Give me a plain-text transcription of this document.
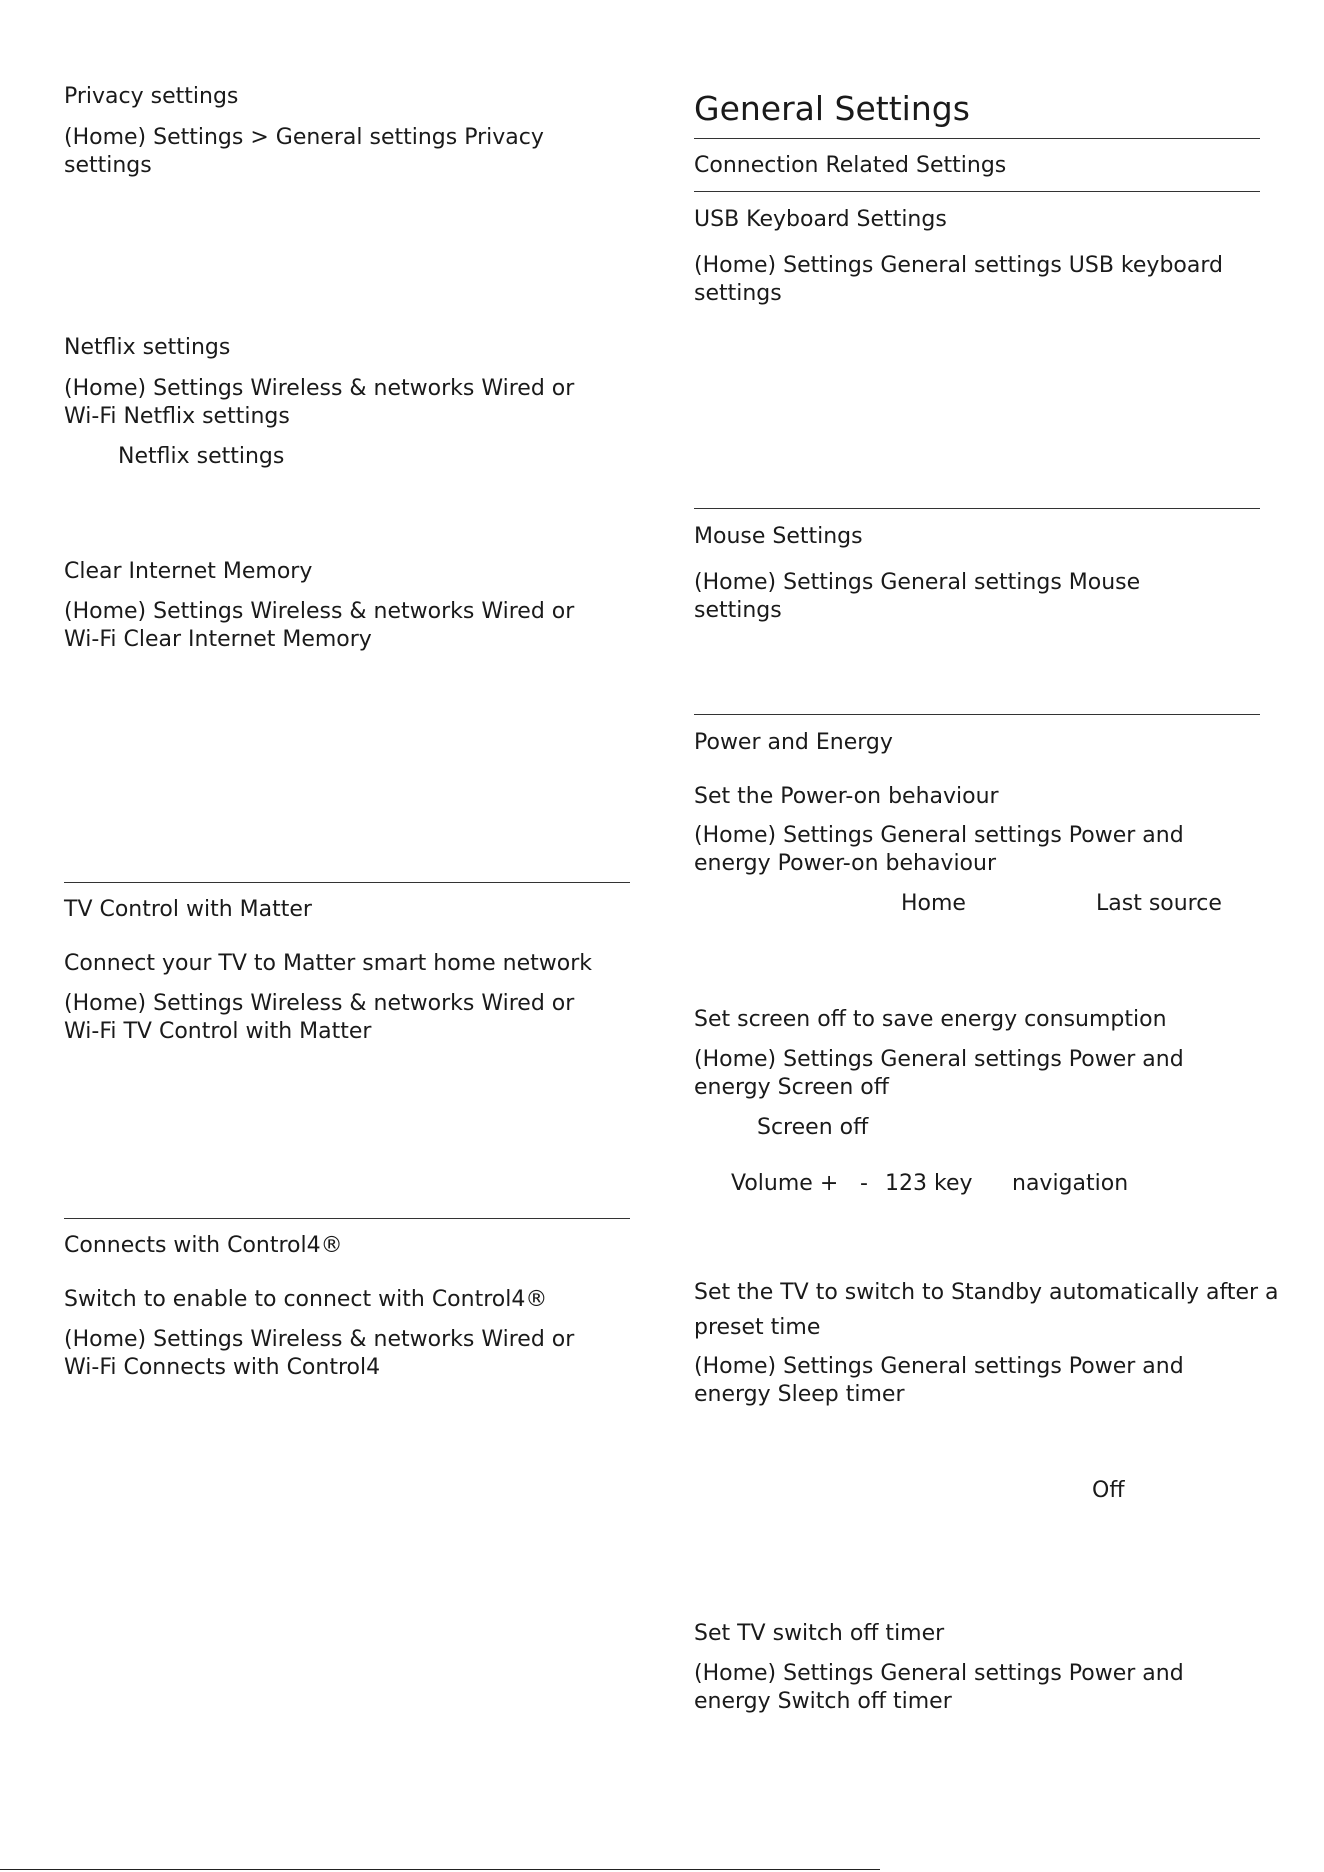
Privacy settings
(Home) Settings > General settings Privacy
settings
Netflix settings
(Home) Settings Wireless & networks Wired or
Wi-Fi Netflix settings
Netflix settings
Clear Internet Memory
(Home) Settings Wireless & networks Wired or
Wi-Fi Clear Internet Memory
TV Control with Matter
Connect your TV to Matter smart home network
(Home) Settings Wireless & networks Wired or
Wi-Fi TV Control with Matter
Connects with Control4®
Switch to enable to connect with Control4®
(Home) Settings Wireless & networks Wired or
Wi-Fi Connects with Control4
General Settings
Connection Related Settings
USB Keyboard Settings
(Home) Settings General settings USB keyboard
settings
Mouse Settings
(Home) Settings General settings Mouse
settings
Power and Energy
Set the Power-on behaviour
(Home) Settings General settings Power and
energy Power-on behaviour
Home	Last source
Set screen off to save energy consumption
(Home) Settings General settings Power and
energy Screen off
Screen off
Volume + - 123 key navigation
Set the TV to switch to Standby automatically after a
preset time
(Home) Settings General settings Power and
energy Sleep timer
Off
Set TV switch off timer
(Home) Settings General settings Power and
energy Switch off timer
